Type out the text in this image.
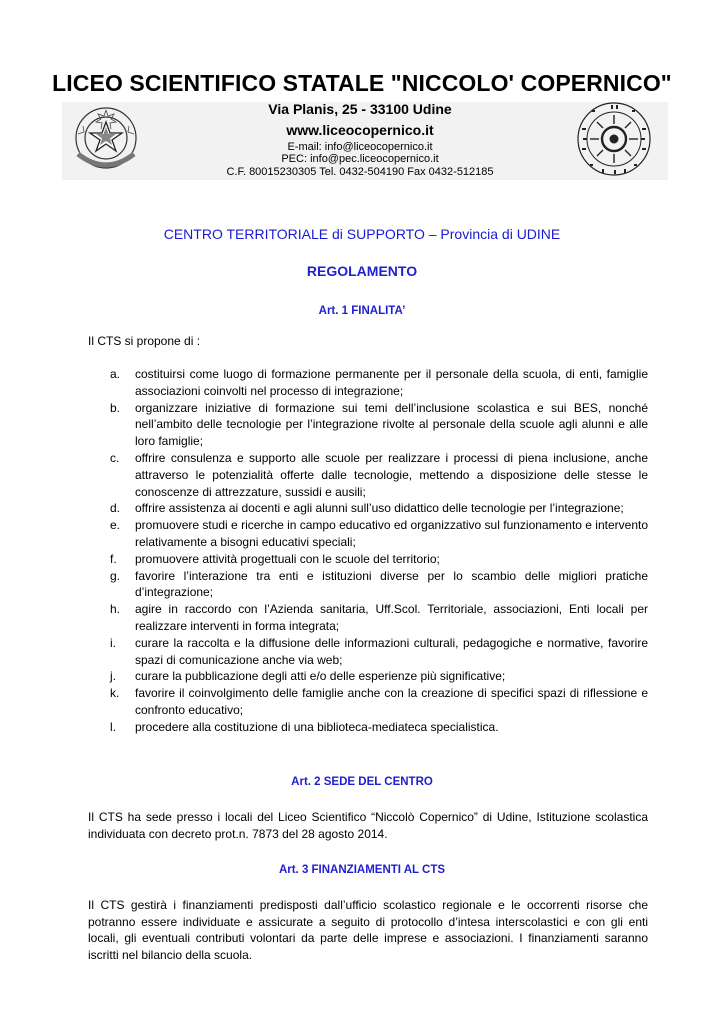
LICEO SCIENTIFICO STATALE "NICCOLO' COPERNICO"

Via Planis, 25 - 33100 Udine

www.liceocopernico.it

E-mail: info@liceocopernico.it

PEC: info@pec.liceocopernico.it

C.F. 80015230305 Tel. 0432-504190 Fax 0432-512185

CENTRO TERRITORIALE di SUPPORTO – Provincia di UDINE
REGOLAMENTO
Art. 1 FINALITA’

Il CTS si propone di :

a. costituirsi come luogo di formazione permanente per il personale della scuola, di enti, famiglie associazioni coinvolti nel processo di integrazione;
b. organizzare iniziative di formazione sui temi dell’inclusione scolastica e sui BES, nonché nell’ambito delle tecnologie per l’integrazione rivolte al personale della scuole agli alunni e alle loro famiglie;
c. offrire consulenza e supporto alle scuole per realizzare i processi di piena inclusione, anche attraverso le potenzialità offerte dalle tecnologie, mettendo a disposizione delle stesse le conoscenze di attrezzature, sussidi e ausili;
d. offrire assistenza ai docenti e agli alunni sull’uso didattico delle tecnologie per l’integrazione;
e. promuovere studi e ricerche in campo educativo ed organizzativo sul funzionamento e intervento relativamente a bisogni educativi speciali;
f. promuovere attività progettuali con le scuole del territorio;
g. favorire l’interazione tra enti e istituzioni diverse per lo scambio delle migliori pratiche d’integrazione;
h. agire in raccordo con l’Azienda sanitaria, Uff.Scol. Territoriale, associazioni, Enti locali per realizzare interventi in forma integrata;
i. curare la raccolta e la diffusione delle informazioni culturali, pedagogiche e normative, favorire spazi di comunicazione anche via web;
j. curare la pubblicazione degli atti e/o delle esperienze più significative;
k. favorire il coinvolgimento delle famiglie anche con la creazione di specifici spazi di riflessione e confronto educativo;
l. procedere alla costituzione di una biblioteca-mediateca specialistica.
Art. 2 SEDE DEL CENTRO

Il CTS ha sede presso i locali del Liceo Scientifico “Niccolò Copernico” di Udine, Istituzione scolastica individuata con decreto prot.n. 7873 del 28 agosto 2014.

Art. 3 FINANZIAMENTI AL CTS

Il CTS gestirà i finanziamenti predisposti dall’ufficio scolastico regionale e le occorrenti risorse che potranno essere individuate e assicurate a seguito di protocollo d’intesa interscolastici e con gli enti locali, gli eventuali contributi volontari da parte delle imprese e associazioni. I finanziamenti saranno iscritti nel bilancio della scuola.
